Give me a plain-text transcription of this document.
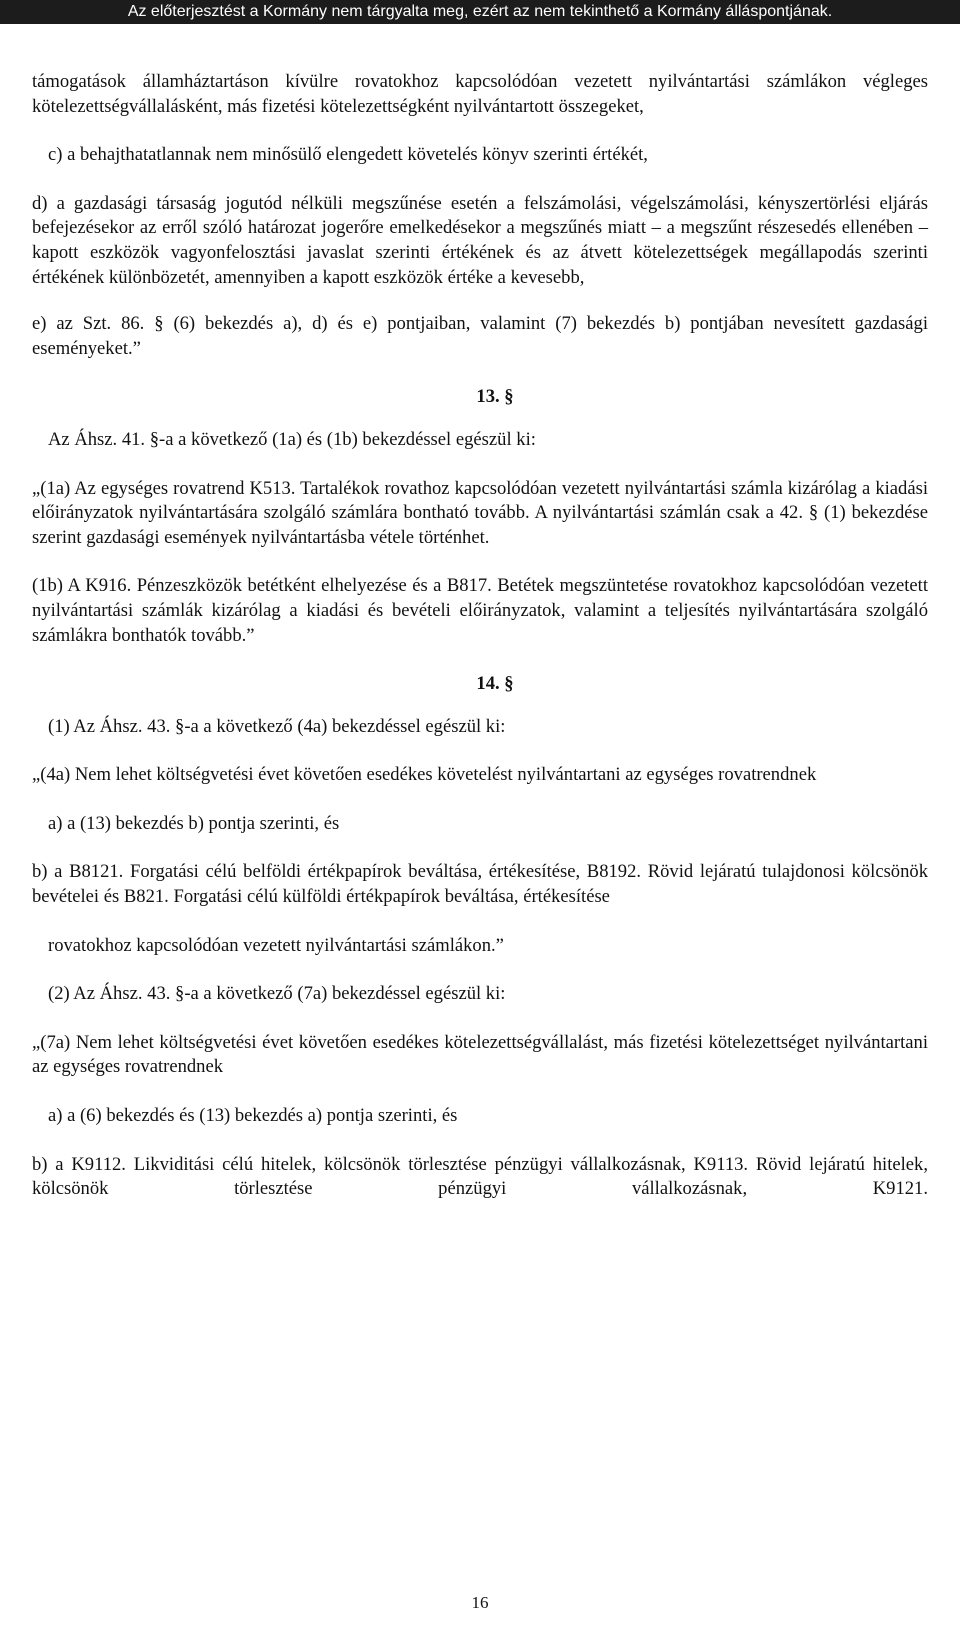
Az előterjesztést a Kormány nem tárgyalta meg, ezért az nem tekinthető a Kormány álláspontjának.

támogatások államháztartáson kívülre rovatokhoz kapcsolódóan vezetett nyilvántartási számlákon végleges kötelezettségvállalásként, más fizetési kötelezettségként nyilvántartott összegeket,

c) a behajthatatlannak nem minősülő elengedett követelés könyv szerinti értékét,

d) a gazdasági társaság jogutód nélküli megszűnése esetén a felszámolási, végelszámolási, kényszertörlési eljárás befejezésekor az erről szóló határozat jogerőre emelkedésekor a megszűnés miatt – a megszűnt részesedés ellenében – kapott eszközök vagyonfelosztási javaslat szerinti értékének és az átvett kötelezettségek megállapodás szerinti értékének különbözetét, amennyiben a kapott eszközök értéke a kevesebb,

e) az Szt. 86. § (6) bekezdés a), d) és e) pontjaiban, valamint (7) bekezdés b) pontjában nevesített gazdasági eseményeket.”

13. §

Az Áhsz. 41. §-a a következő (1a) és (1b) bekezdéssel egészül ki:

„(1a) Az egységes rovatrend K513. Tartalékok rovathoz kapcsolódóan vezetett nyilvántartási számla kizárólag a kiadási előirányzatok nyilvántartására szolgáló számlára bontható tovább. A nyilvántartási számlán csak a 42. § (1) bekezdése szerint gazdasági események nyilvántartásba vétele történhet.

(1b) A K916. Pénzeszközök betétként elhelyezése és a B817. Betétek megszüntetése rovatokhoz kapcsolódóan vezetett nyilvántartási számlák kizárólag a kiadási és bevételi előirányzatok, valamint a teljesítés nyilvántartására szolgáló számlákra bonthatók tovább.”

14. §

(1) Az Áhsz. 43. §-a a következő (4a) bekezdéssel egészül ki:

„(4a) Nem lehet költségvetési évet követően esedékes követelést nyilvántartani az egységes rovatrendnek

a) a (13) bekezdés b) pontja szerinti, és

b) a B8121. Forgatási célú belföldi értékpapírok beváltása, értékesítése, B8192. Rövid lejáratú tulajdonosi kölcsönök bevételei és B821. Forgatási célú külföldi értékpapírok beváltása, értékesítése

rovatokhoz kapcsolódóan vezetett nyilvántartási számlákon.”

(2) Az Áhsz. 43. §-a a következő (7a) bekezdéssel egészül ki:

„(7a) Nem lehet költségvetési évet követően esedékes kötelezettségvállalást, más fizetési kötelezettséget nyilvántartani az egységes rovatrendnek

a) a (6) bekezdés és (13) bekezdés a) pontja szerinti, és

b) a K9112. Likviditási célú hitelek, kölcsönök törlesztése pénzügyi vállalkozásnak, K9113. Rövid lejáratú hitelek, kölcsönök törlesztése pénzügyi vállalkozásnak, K9121.

16
